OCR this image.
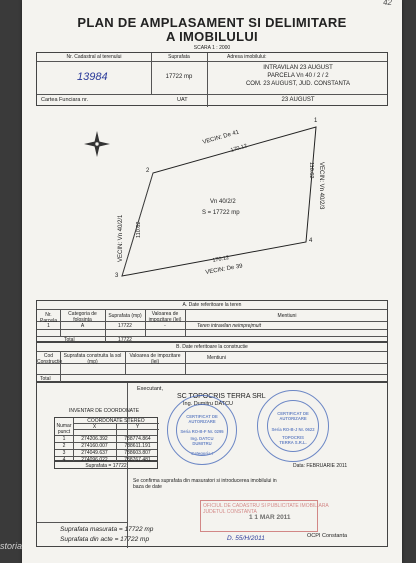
42
PLAN DE AMPLASAMENT SI DELIMITARE
A IMOBILULUI
SCARA 1 : 2000
Nr. Cadastral al terenului	Suprafata	Adresa imobilului:
13984	17722 mp
INTRAVILAN 23 AUGUST
PARCELA Vn 40 / 2 / 2
COM. 23 AUGUST, JUD. CONSTANTA
Cartea Funciara nr.	UAT	23 AUGUST
VECIN: De 41
170.12
1
2
3
4
VECIN: Vn 40/2/1 110.62
VECIN: Vn 40/2/3
110.62
Vn 40/2/2
S = 17722 mp
170.12
VECIN: De 39
A. Date referitoare la teren
Nr. Parcela
Categoria de folosinta
Suprafata (mp)	Valoarea de impozitare (lei)
Mentiuni
1	A	17722	-	Teren intravilan neimprejmuit
Total	17722
B. Date referitoare la constructie
Cod Constructie
Suprafata construita la sol (mp)
Valoarea de impozitare (lei)
Mentiuni
Total
Executant,
SC TOPOCRIS TERRA SRL
Ing. Dumitru DATCU
Data: FEBRUARIE 2011
Se confirma suprafata din masuratori si introducerea imobilului in baza de date
OCPI Constanta
INVENTAR DE COORDONATE
COORDONATE STEREO
Numar punct
X	Y
1	274206.392	788774.864
2	274160.007	788611.191
3	274049.637	788603.807
4	274096.022	788767.481
Suprafata = 17722
CERTIFICAT DE AUTORIZARE
Seria RO-B-F Nr. 0295
Ing. DATCU DUMITRU
Categoria I
CERTIFICAT DE AUTORIZARE
Seria RO-B-J Nr. 0622
TOPOCRIS TERRA S.R.L.
OFICIUL DE CADASTRU SI PUBLICITATE IMOBILIARA
JUDETUL CONSTANTA
1 1 MAR 2011
D. 55/H/2011
Suprafata masurata = 17722 mp
Suprafata din acte = 17722 mp
storia
